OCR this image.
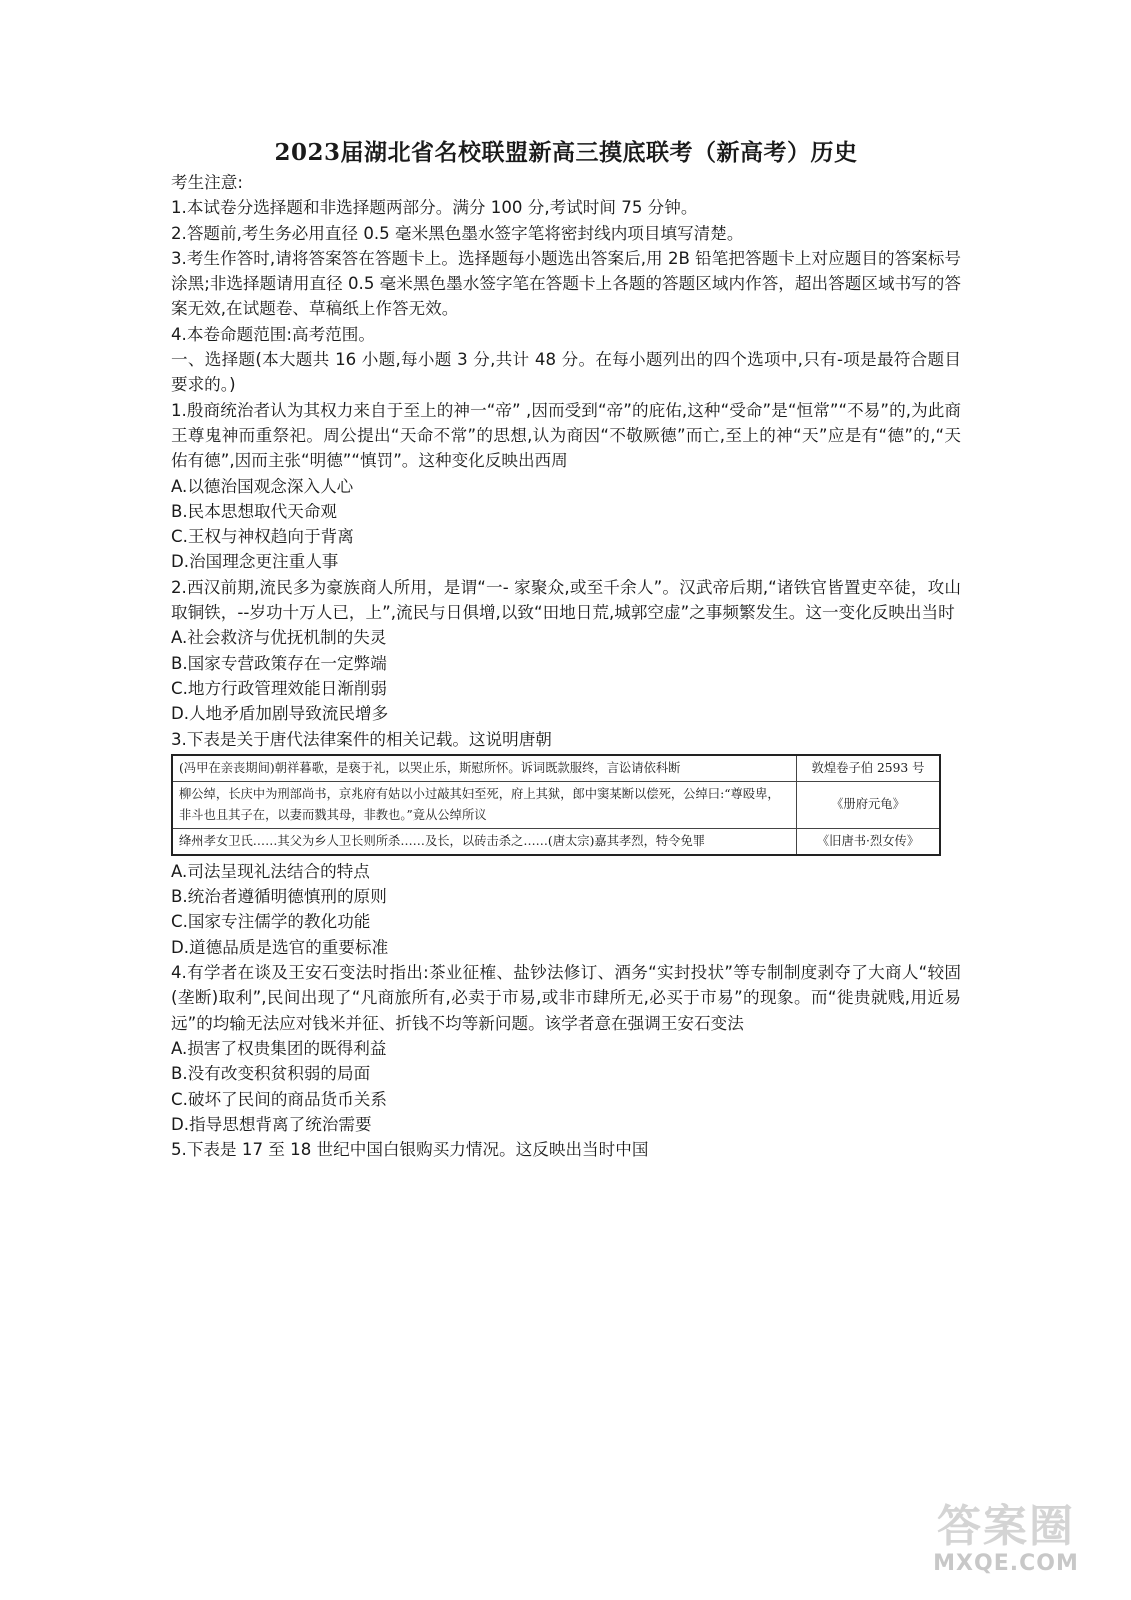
2023届湖北省名校联盟新高三摸底联考（新高考）历史

考生注意:

1.本试卷分选择题和非选择题两部分。满分 100 分,考试时间 75 分钟。

2.答题前,考生务必用直径 0.5 毫米黑色墨水签字笔将密封线内项目填写清楚。

3.考生作答时,请将答案答在答题卡上。选择题每小题选出答案后,用 2B 铅笔把答题卡上对应题目的答案标号涂黑;非选择题请用直径 0.5 毫米黑色墨水签字笔在答题卡上各题的答题区域内作答，超出答题区域书写的答案无效,在试题卷、草稿纸上作答无效。

4.本卷命题范围:高考范围。

一、选择题(本大题共 16 小题,每小题 3 分,共计 48 分。在每小题列出的四个选项中,只有-项是最符合题目要求的。)

1.殷商统治者认为其权力来自于至上的神一“帝” ,因而受到“帝”的庇佑,这种“受命”是“恒常”“不易”的,为此商王尊鬼神而重祭祀。周公提出“天命不常”的思想,认为商因“不敬厥德”而亡,至上的神“天”应是有“德”的,“天佑有德”,因而主张“明德”“慎罚”。这种变化反映出西周

A.以德治国观念深入人心

B.民本思想取代天命观

C.王权与神权趋向于背离

D.治国理念更注重人事

2.西汉前期,流民多为豪族商人所用，是谓“一- 家聚众,或至千余人”。汉武帝后期,“诸铁官皆置吏卒徒，攻山取铜铁，--岁功十万人已，上”,流民与日俱增,以致“田地日荒,城郭空虚”之事频繁发生。这一变化反映出当时

A.社会救济与优抚机制的失灵

B.国家专营政策存在一定弊端

C.地方行政管理效能日渐削弱

D.人地矛盾加剧导致流民增多

3.下表是关于唐代法律案件的相关记载。这说明唐朝

(冯甲在亲丧期间)朝祥暮歌，是亵于礼，以哭止乐，斯慰所怀。诉词既款服终，言讼请依科断	敦煌卷子伯 2593 号
柳公绰，长庆中为刑部尚书，京兆府有姑以小过敲其妇至死，府上其狱，郎中窦某断以偿死，公绰曰:“尊殴卑，非斗也且其子在，以妻而戮其母，非教也。”竟从公绰所议	《册府元龟》
绛州孝女卫氏……其父为乡人卫长则所杀……及长，以砖击杀之……(唐太宗)嘉其孝烈，特令免罪	《旧唐书·烈女传》

A.司法呈现礼法结合的特点

B.统治者遵循明德慎刑的原则

C.国家专注儒学的教化功能

D.道德品质是选官的重要标准

4.有学者在谈及王安石变法时指出:茶业征榷、盐钞法修订、酒务“实封投状”等专制制度剥夺了大商人“较固(垄断)取利”,民间出现了“凡商旅所有,必卖于市易,或非市肆所无,必买于市易”的现象。而“徙贵就贱,用近易远”的均输无法应对钱米并征、折钱不均等新问题。该学者意在强调王安石变法

A.损害了权贵集团的既得利益

B.没有改变积贫积弱的局面

C.破坏了民间的商品货币关系

D.指导思想背离了统治需要

5.下表是 17 至 18 世纪中国白银购买力情况。这反映出当时中国

答案圈
MXQE.COM
